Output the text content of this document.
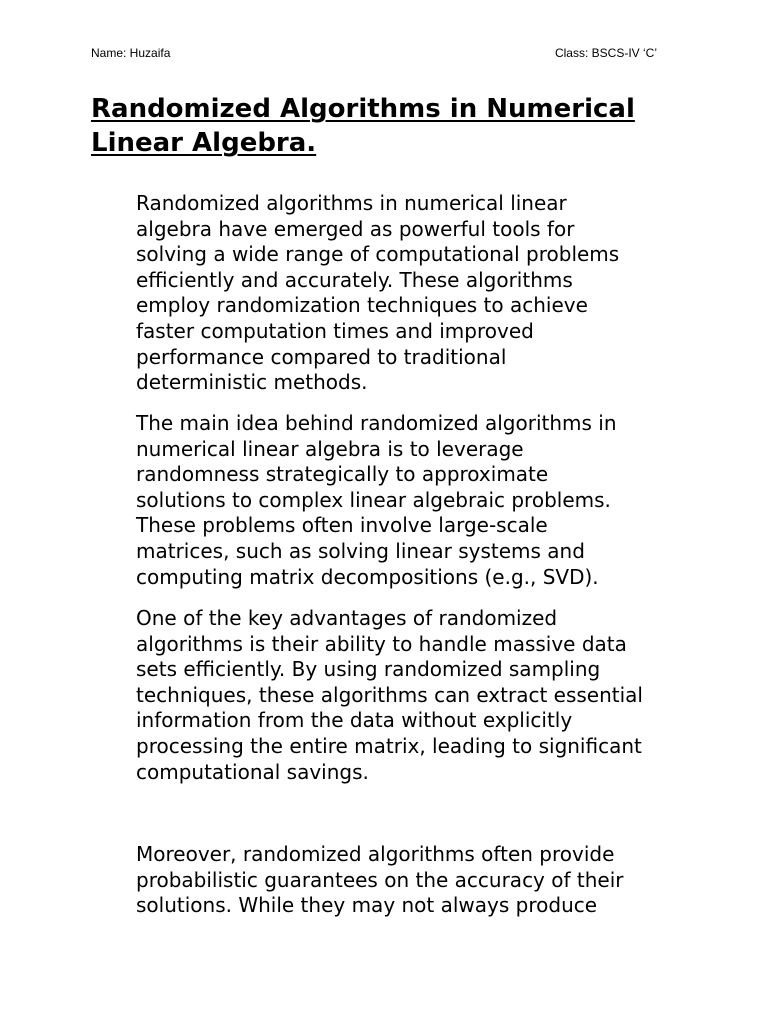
Name: Huzaifa	Class: BSCS-IV ‘C’
Randomized Algorithms in Numerical
Linear Algebra.
Randomized algorithms in numerical linear
algebra have emerged as powerful tools for
solving a wide range of computational problems
efficiently and accurately. These algorithms
employ randomization techniques to achieve
faster computation times and improved
performance compared to traditional
deterministic methods.
The main idea behind randomized algorithms in
numerical linear algebra is to leverage
randomness strategically to approximate
solutions to complex linear algebraic problems.
These problems often involve large-scale
matrices, such as solving linear systems and
computing matrix decompositions (e.g., SVD).
One of the key advantages of randomized
algorithms is their ability to handle massive data
sets efficiently. By using randomized sampling
techniques, these algorithms can extract essential
information from the data without explicitly
processing the entire matrix, leading to significant
computational savings.
Moreover, randomized algorithms often provide
probabilistic guarantees on the accuracy of their
solutions. While they may not always produce
